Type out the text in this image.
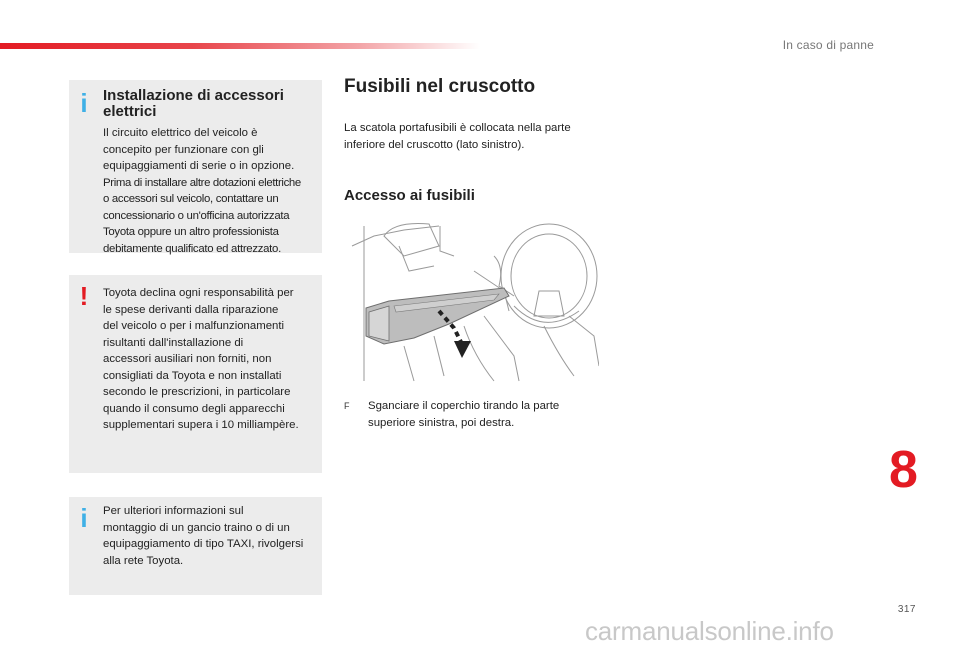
In caso di panne
i Installazione di accessori elettrici
Il circuito elettrico del veicolo è
concepito per funzionare con gli
equipaggiamenti di serie o in opzione.
Prima di installare altre dotazioni elettriche
o accessori sul veicolo, contattare un
concessionario o un'officina autorizzata
Toyota oppure un altro professionista
debitamente qualificato ed attrezzato.
! Toyota declina ogni responsabilità per
le spese derivanti dalla riparazione
del veicolo o per i malfunzionamenti
risultanti dall'installazione di
accessori ausiliari non forniti, non
consigliati da Toyota e non installati
secondo le prescrizioni, in particolare
quando il consumo degli apparecchi
supplementari supera i 10 milliampère.
i Per ulteriori informazioni sul
montaggio di un gancio traino o di un
equipaggiamento di tipo TAXI, rivolgersi
alla rete Toyota.
Fusibili nel cruscotto
La scatola portafusibili è collocata nella parte
inferiore del cruscotto (lato sinistro).
Accesso ai fusibili
F Sganciare il coperchio tirando la parte
superiore sinistra, poi destra.
8
317
carmanualsonline.info
